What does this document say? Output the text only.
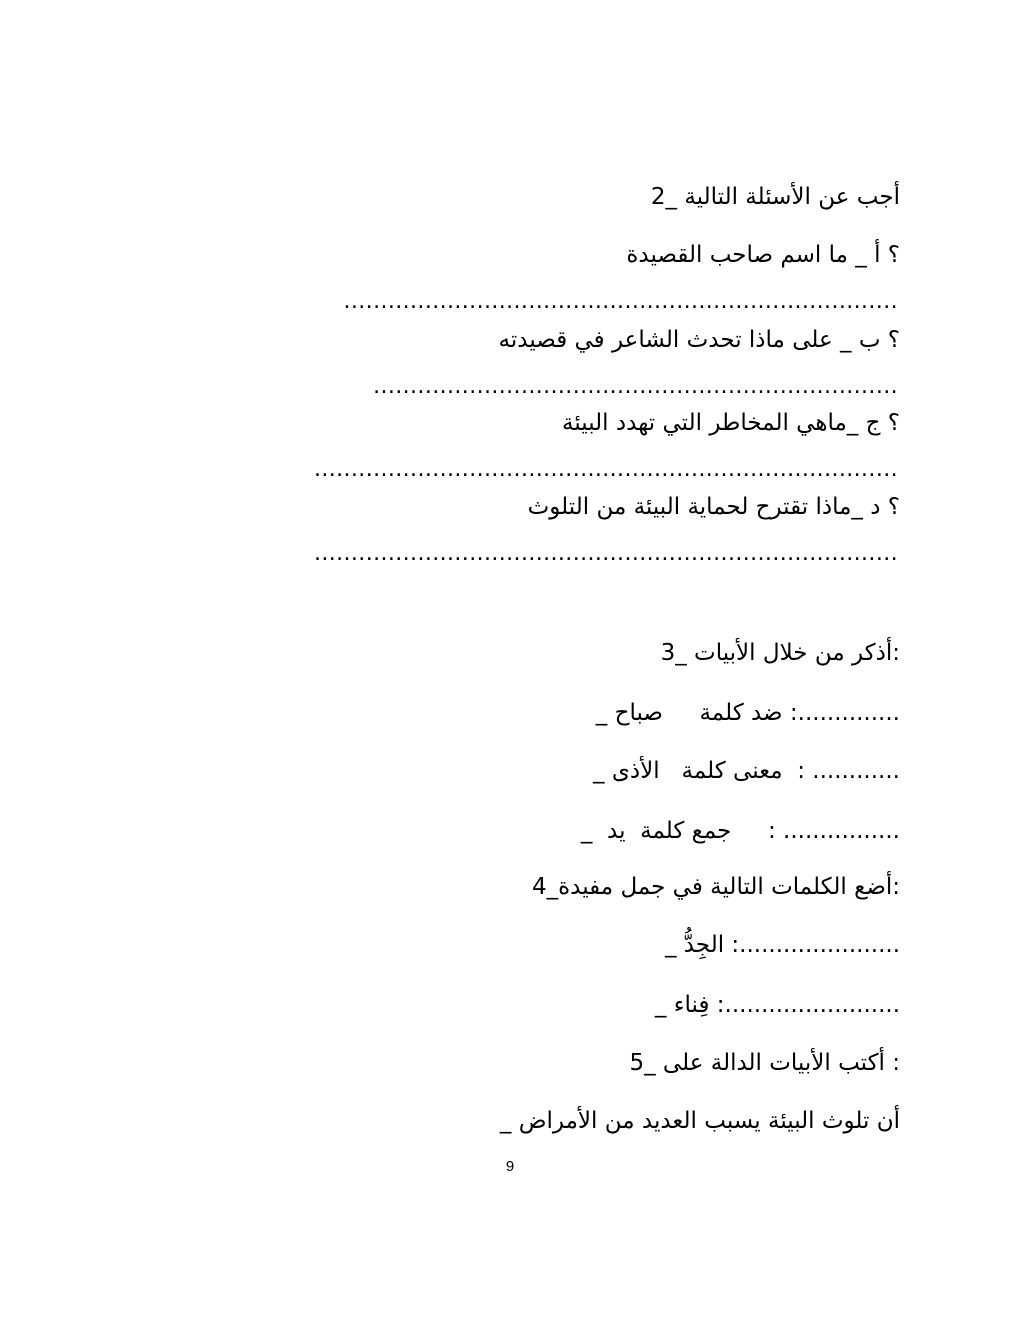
أجب عن الأسئلة التالية _2
؟ أ _ ما اسم صاحب القصيدة
...........................................................................
؟ ب _ على ماذا تحدث الشاعر في قصيدته
.......................................................................
؟ ج _ماهي المخاطر التي تهدد البيئة
...............................................................................
؟ د _ماذا تقترح لحماية البيئة من التلوث
...............................................................................
:أذكر من خلال الأبيات _3
..............: ضد كلمة     صباح _
............ :  معنى كلمة   الأذى _
................ :     جمع كلمة  يد  _
:أضع الكلمات التالية في جمل مفيدة_4
......................: الجِدُّ _
........................: فِناء _
: أكتب الأبيات الدالة على _5
أن تلوث البيئة يسبب العديد من الأمراض _
9
